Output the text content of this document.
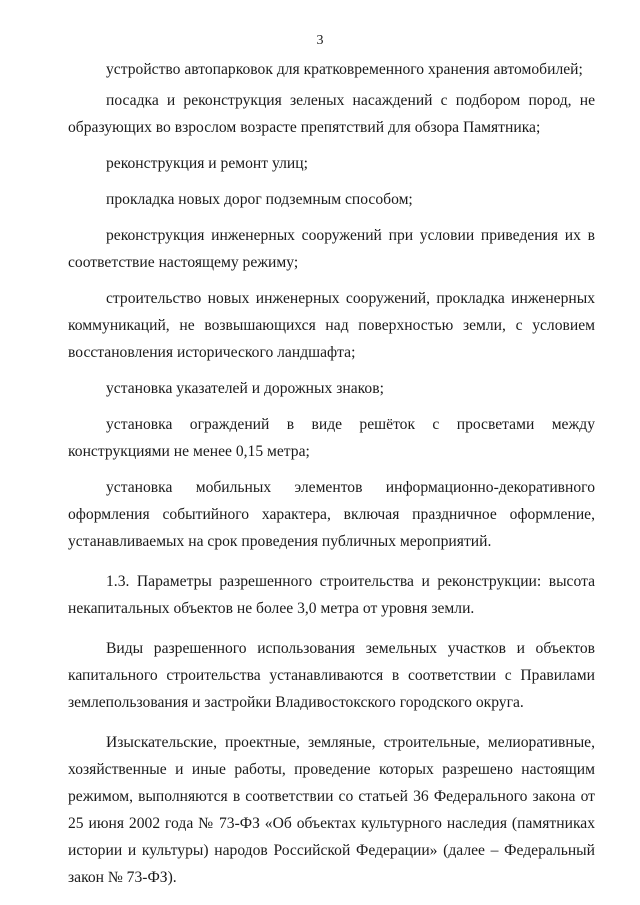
3

устройство автопарковок для кратковременного хранения автомобилей;

посадка и реконструкция зеленых насаждений с подбором пород, не образующих во взрослом возрасте препятствий для обзора Памятника;

реконструкция и ремонт улиц;

прокладка новых дорог подземным способом;

реконструкция инженерных сооружений при условии приведения их в соответствие настоящему режиму;

строительство новых инженерных сооружений, прокладка инженерных коммуникаций, не возвышающихся над поверхностью земли, с условием восстановления исторического ландшафта;

установка указателей и дорожных знаков;

установка ограждений в виде решёток с просветами между конструкциями не менее 0,15 метра;

установка мобильных элементов информационно-декоративного оформления событийного характера, включая праздничное оформление, устанавливаемых на срок проведения публичных мероприятий.

1.3. Параметры разрешенного строительства и реконструкции: высота некапитальных объектов не более 3,0 метра от уровня земли.

Виды разрешенного использования земельных участков и объектов капитального строительства устанавливаются в соответствии с Правилами землепользования и застройки Владивостокского городского округа.

Изыскательские, проектные, земляные, строительные, мелиоративные, хозяйственные и иные работы, проведение которых разрешено настоящим режимом, выполняются в соответствии со статьей 36 Федерального закона от 25 июня 2002 года № 73-ФЗ «Об объектах культурного наследия (памятниках истории и культуры) народов Российской Федерации» (далее – Федеральный закон № 73-ФЗ).
